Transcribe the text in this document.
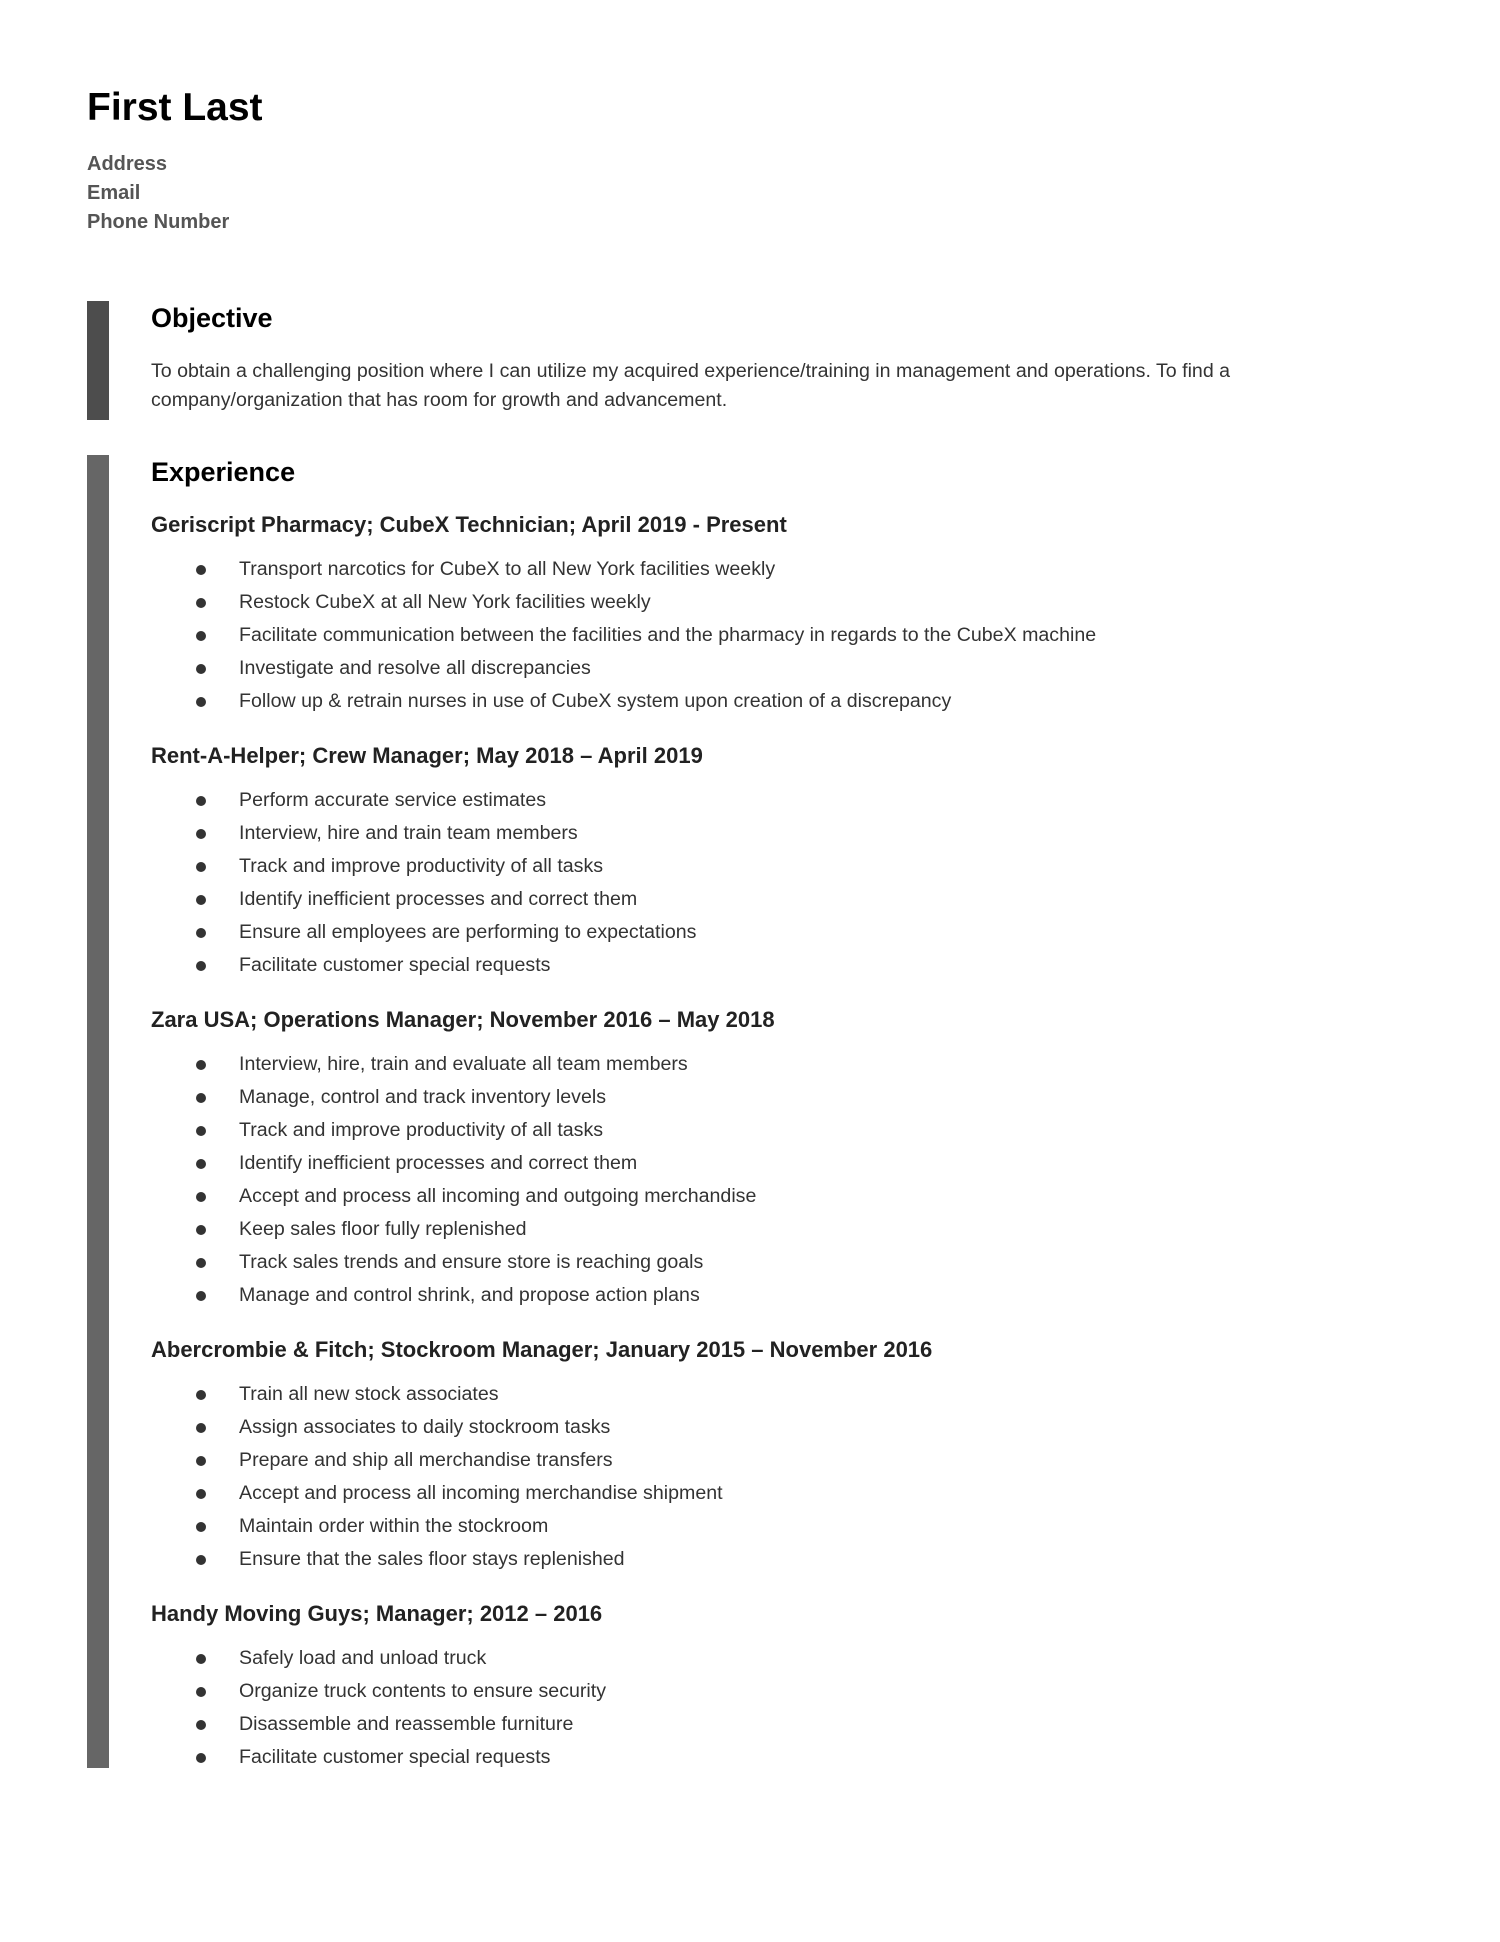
First Last
Address
Email
Phone Number
Objective
To obtain a challenging position where I can utilize my acquired experience/training in management and operations. To find a company/organization that has room for growth and advancement.
Experience
Geriscript Pharmacy; CubeX Technician; April 2019 - Present
Transport narcotics for CubeX to all New York facilities weekly
Restock CubeX at all New York facilities weekly
Facilitate communication between the facilities and the pharmacy in regards to the CubeX machine
Investigate and resolve all discrepancies
Follow up & retrain nurses in use of CubeX system upon creation of a discrepancy
Rent-A-Helper; Crew Manager; May 2018 – April 2019
Perform accurate service estimates
Interview, hire and train team members
Track and improve productivity of all tasks
Identify inefficient processes and correct them
Ensure all employees are performing to expectations
Facilitate customer special requests
Zara USA; Operations Manager; November 2016 – May 2018
Interview, hire, train and evaluate all team members
Manage, control and track inventory levels
Track and improve productivity of all tasks
Identify inefficient processes and correct them
Accept and process all incoming and outgoing merchandise
Keep sales floor fully replenished
Track sales trends and ensure store is reaching goals
Manage and control shrink, and propose action plans
Abercrombie & Fitch; Stockroom Manager; January 2015 – November 2016
Train all new stock associates
Assign associates to daily stockroom tasks
Prepare and ship all merchandise transfers
Accept and process all incoming merchandise shipment
Maintain order within the stockroom
Ensure that the sales floor stays replenished
Handy Moving Guys; Manager; 2012 – 2016
Safely load and unload truck
Organize truck contents to ensure security
Disassemble and reassemble furniture
Facilitate customer special requests
